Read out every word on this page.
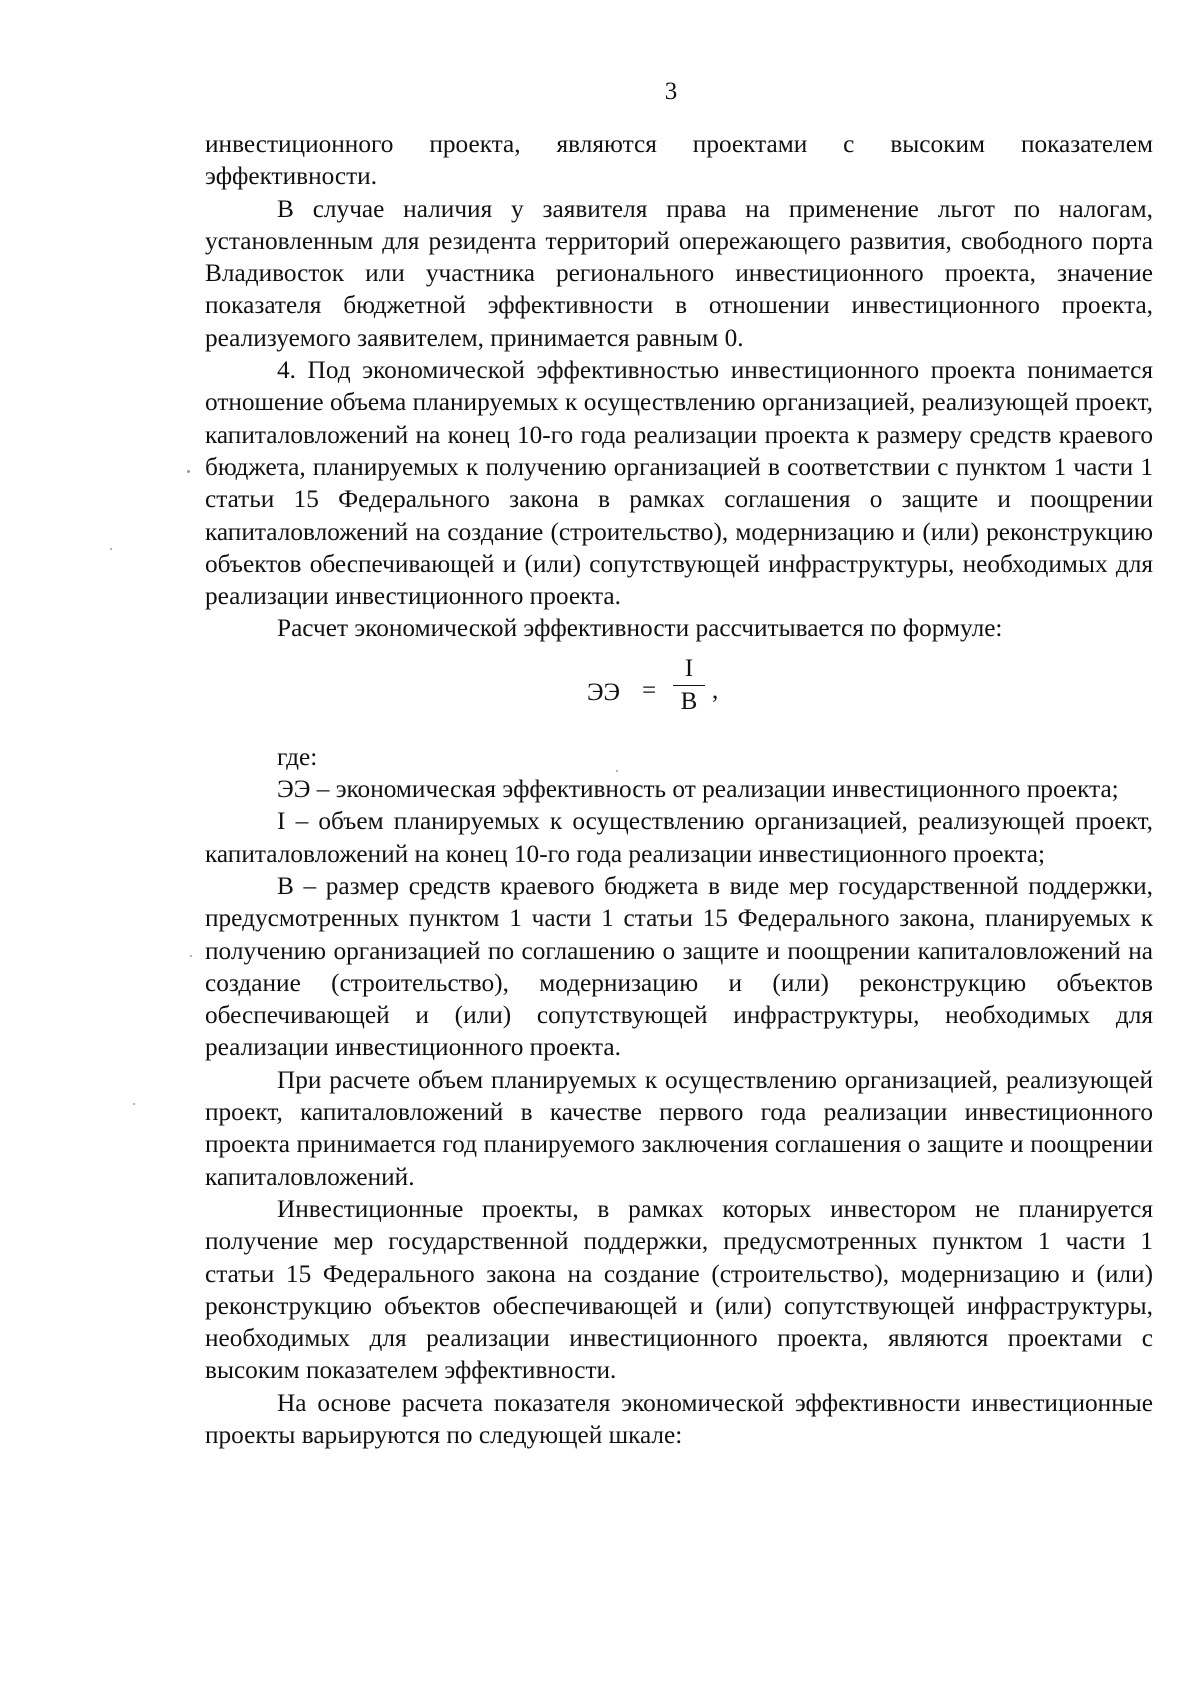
3

инвестиционного проекта, являются проектами с высоким показателем эффективности.

В случае наличия у заявителя права на применение льгот по налогам, установленным для резидента территорий опережающего развития, свободного порта Владивосток или участника регионального инвестиционного проекта, значение показателя бюджетной эффективности в отношении инвестиционного проекта, реализуемого заявителем, принимается равным 0.

4. Под экономической эффективностью инвестиционного проекта понимается отношение объема планируемых к осуществлению организацией, реализующей проект, капиталовложений на конец 10-го года реализации проекта к размеру средств краевого бюджета, планируемых к получению организацией в соответствии с пунктом 1 части 1 статьи 15 Федерального закона в рамках соглашения о защите и поощрении капиталовложений на создание (строительство), модернизацию и (или) реконструкцию объектов обеспечивающей и (или) сопутствующей инфраструктуры, необходимых для реализации инвестиционного проекта.

Расчет экономической эффективности рассчитывается по формуле:

ЭЭ =
I
В ,

где:

ЭЭ – экономическая эффективность от реализации инвестиционного проекта;

I – объем планируемых к осуществлению организацией, реализующей проект, капиталовложений на конец 10-го года реализации инвестиционного проекта;

В – размер средств краевого бюджета в виде мер государственной поддержки, предусмотренных пунктом 1 части 1 статьи 15 Федерального закона, планируемых к получению организацией по соглашению о защите и поощрении капиталовложений на создание (строительство), модернизацию и (или) реконструкцию объектов обеспечивающей и (или) сопутствующей инфраструктуры, необходимых для реализации инвестиционного проекта.

При расчете объем планируемых к осуществлению организацией, реализующей проект, капиталовложений в качестве первого года реализации инвестиционного проекта принимается год планируемого заключения соглашения о защите и поощрении капиталовложений.

Инвестиционные проекты, в рамках которых инвестором не планируется получение мер государственной поддержки, предусмотренных пунктом 1 части 1 статьи 15 Федерального закона на создание (строительство), модернизацию и (или) реконструкцию объектов обеспечивающей и (или) сопутствующей инфраструктуры, необходимых для реализации инвестиционного проекта, являются проектами с высоким показателем эффективности.

На основе расчета показателя экономической эффективности инвестиционные проекты варьируются по следующей шкале:
